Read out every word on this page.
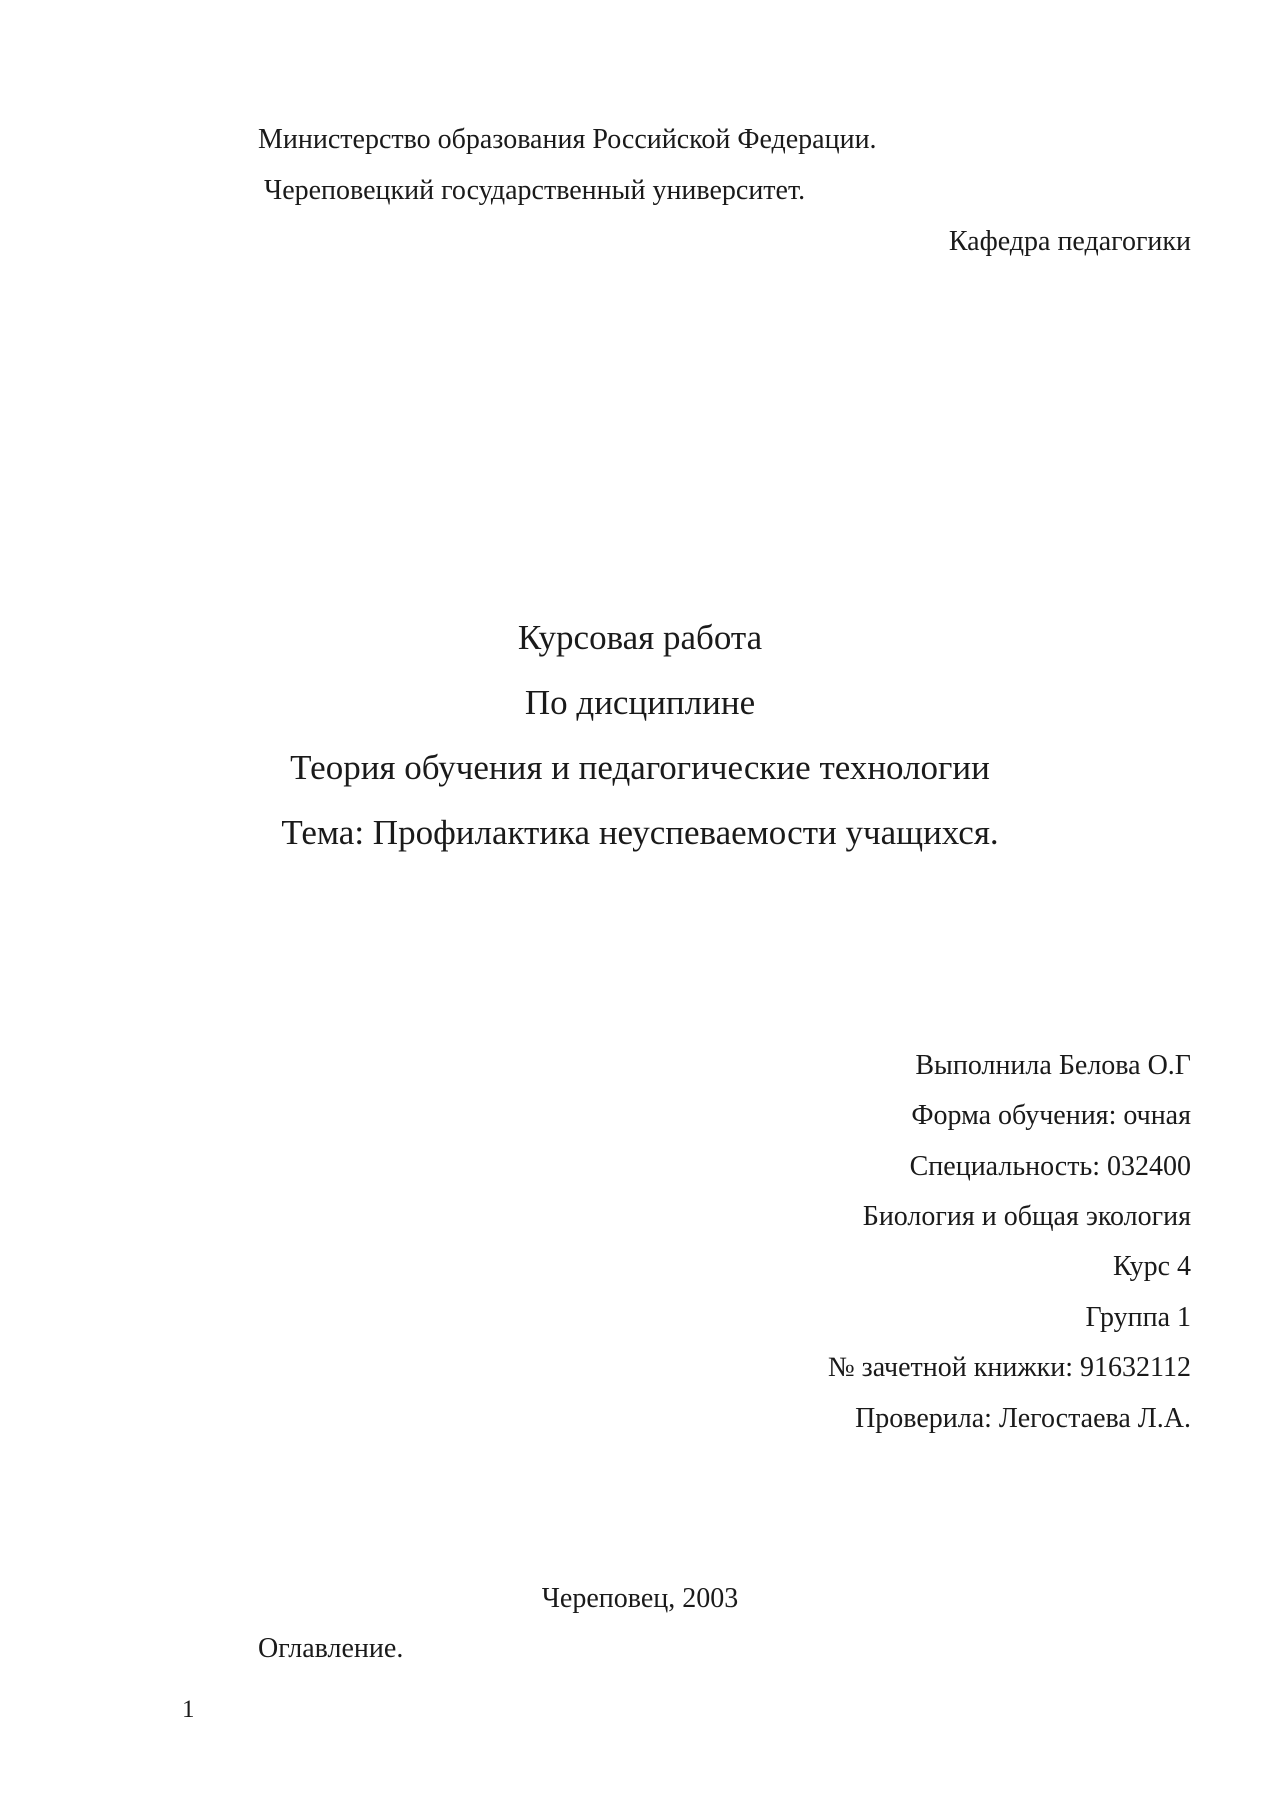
Министерство образования Российской Федерации.
Череповецкий государственный университет.
Кафедра педагогики
Курсовая работа
По дисциплине
Теория обучения и педагогические технологии
Тема: Профилактика неуспеваемости учащихся.
Выполнила Белова О.Г
Форма обучения: очная
Специальность: 032400
Биология и общая экология
Курс 4
Группа 1
№ зачетной книжки: 91632112
Проверила: Легостаева Л.А.
Череповец, 2003
Оглавление.
1
